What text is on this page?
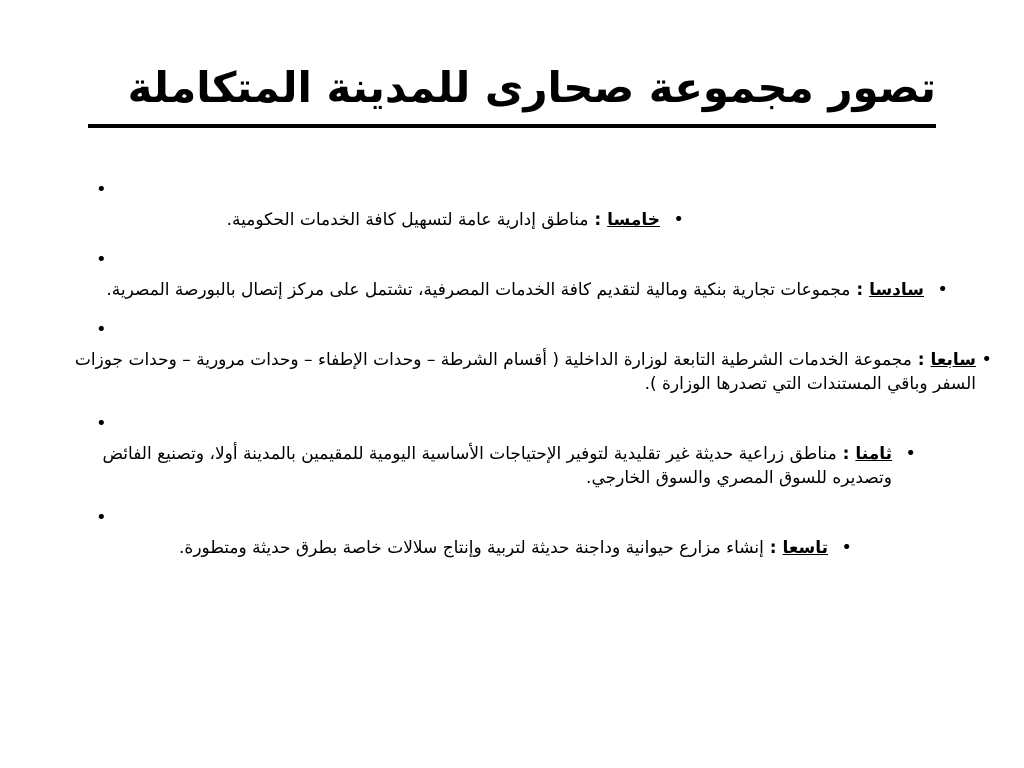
تصور مجموعة صحارى للمدينة المتكاملة
•
•
خامسا : مناطق إدارية عامة لتسهيل كافة الخدمات الحكومية.
•
•
سادسا : مجموعات تجارية بنكية ومالية لتقديم كافة الخدمات المصرفية، تشتمل على مركز إتصال بالبورصة المصرية.
•
•
سابعا : مجموعة الخدمات الشرطية التابعة لوزارة الداخلية ( أقسام الشرطة – وحدات الإطفاء – وحدات مرورية – وحدات جوزات السفر وباقي المستندات التي تصدرها الوزارة ).
•
•
ثامنا : مناطق زراعية حديثة غير تقليدية لتوفير الإحتياجات الأساسية اليومية للمقيمين بالمدينة أولا، وتصنيع الفائض وتصديره للسوق المصري والسوق الخارجي.
•
•
تاسعا : إنشاء مزارع حيوانية وداجنة حديثة لتربية وإنتاج سلالات خاصة بطرق حديثة ومتطورة.
